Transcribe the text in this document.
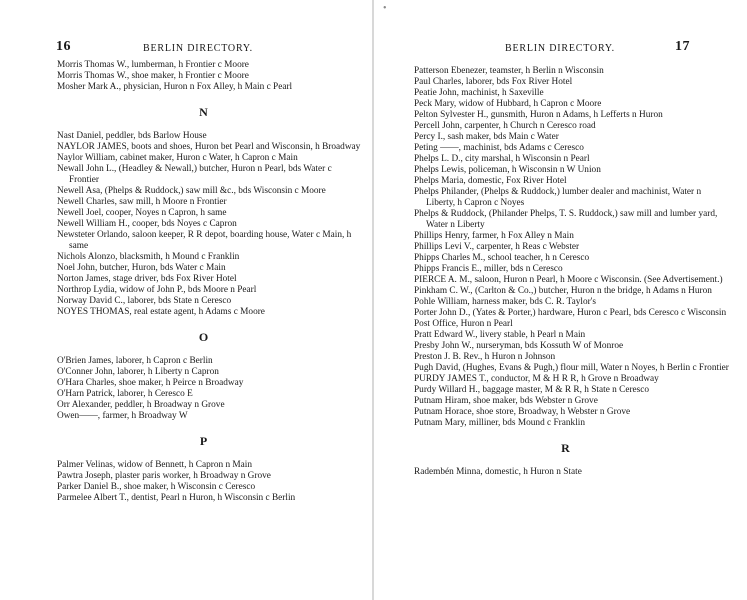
•
16	BERLIN DIRECTORY.
Morris Thomas W., lumberman, h Frontier c Moore
Morris Thomas W., shoe maker, h Frontier c Moore
Mosher Mark A., physician, Huron n Fox Alley, h Main c Pearl
N
Nast Daniel, peddler, bds Barlow House
NAYLOR JAMES, boots and shoes, Huron bet Pearl and Wisconsin, h Broadway
Naylor William, cabinet maker, Huron c Water, h Capron c Main
Newall John L., (Headley & Newall,) butcher, Huron n Pearl, bds Water c Frontier
Newell Asa, (Phelps & Ruddock,) saw mill &c., bds Wisconsin c Moore
Newell Charles, saw mill, h Moore n Frontier
Newell Joel, cooper, Noyes n Capron, h same
Newell William H., cooper, bds Noyes c Capron
Newsteter Orlando, saloon keeper, R R depot, boarding house, Water c Main, h same
Nichols Alonzo, blacksmith, h Mound c Franklin
Noel John, butcher, Huron, bds Water c Main
Norton James, stage driver, bds Fox River Hotel
Northrop Lydia, widow of John P., bds Moore n Pearl
Norway David C., laborer, bds State n Ceresco
NOYES THOMAS, real estate agent, h Adams c Moore
O
O'Brien James, laborer, h Capron c Berlin
O'Conner John, laborer, h Liberty n Capron
O'Hara Charles, shoe maker, h Peirce n Broadway
O'Harn Patrick, laborer, h Ceresco E
Orr Alexander, peddler, h Broadway n Grove
Owen——, farmer, h Broadway W
P
Palmer Velinas, widow of Bennett, h Capron n Main
Pawtra Joseph, plaster paris worker, h Broadway n Grove
Parker Daniel B., shoe maker, h Wisconsin c Ceresco
Parmelee Albert T., dentist, Pearl n Huron, h Wisconsin c Berlin
BERLIN DIRECTORY.	17
Patterson Ebenezer, teamster, h Berlin n Wisconsin
Paul Charles, laborer, bds Fox River Hotel
Peatie John, machinist, h Saxeville
Peck Mary, widow of Hubbard, h Capron c Moore
Pelton Sylvester H., gunsmith, Huron n Adams, h Lefferts n Huron
Percell John, carpenter, h Church n Ceresco road
Percy I., sash maker, bds Main c Water
Peting ——, machinist, bds Adams c Ceresco
Phelps L. D., city marshal, h Wisconsin n Pearl
Phelps Lewis, policeman, h Wisconsin n W Union
Phelps Maria, domestic, Fox River Hotel
Phelps Philander, (Phelps & Ruddock,) lumber dealer and machinist, Water n Liberty, h Capron c Noyes
Phelps & Ruddock, (Philander Phelps, T. S. Ruddock,) saw mill and lumber yard, Water n Liberty
Phillips Henry, farmer, h Fox Alley n Main
Phillips Levi V., carpenter, h Reas c Webster
Phipps Charles M., school teacher, h n Ceresco
Phipps Francis E., miller, bds n Ceresco
PIERCE A. M., saloon, Huron n Pearl, h Moore c Wisconsin. (See Advertisement.)
Pinkham C. W., (Carlton & Co.,) butcher, Huron n the bridge, h Adams n Huron
Pohle William, harness maker, bds C. R. Taylor's
Porter John D., (Yates & Porter,) hardware, Huron c Pearl, bds Ceresco c Wisconsin
Post Office, Huron n Pearl
Pratt Edward W., livery stable, h Pearl n Main
Presby John W., nurseryman, bds Kossuth W of Monroe
Preston J. B. Rev., h Huron n Johnson
Pugh David, (Hughes, Evans & Pugh,) flour mill, Water n Noyes, h Berlin c Frontier
PURDY JAMES T., conductor, M & H R R, h Grove n Broadway
Purdy Willard H., baggage master, M & R R, h State n Ceresco
Putnam Hiram, shoe maker, bds Webster n Grove
Putnam Horace, shoe store, Broadway, h Webster n Grove
Putnam Mary, milliner, bds Mound c Franklin
R
Radembén Minna, domestic, h Huron n State
